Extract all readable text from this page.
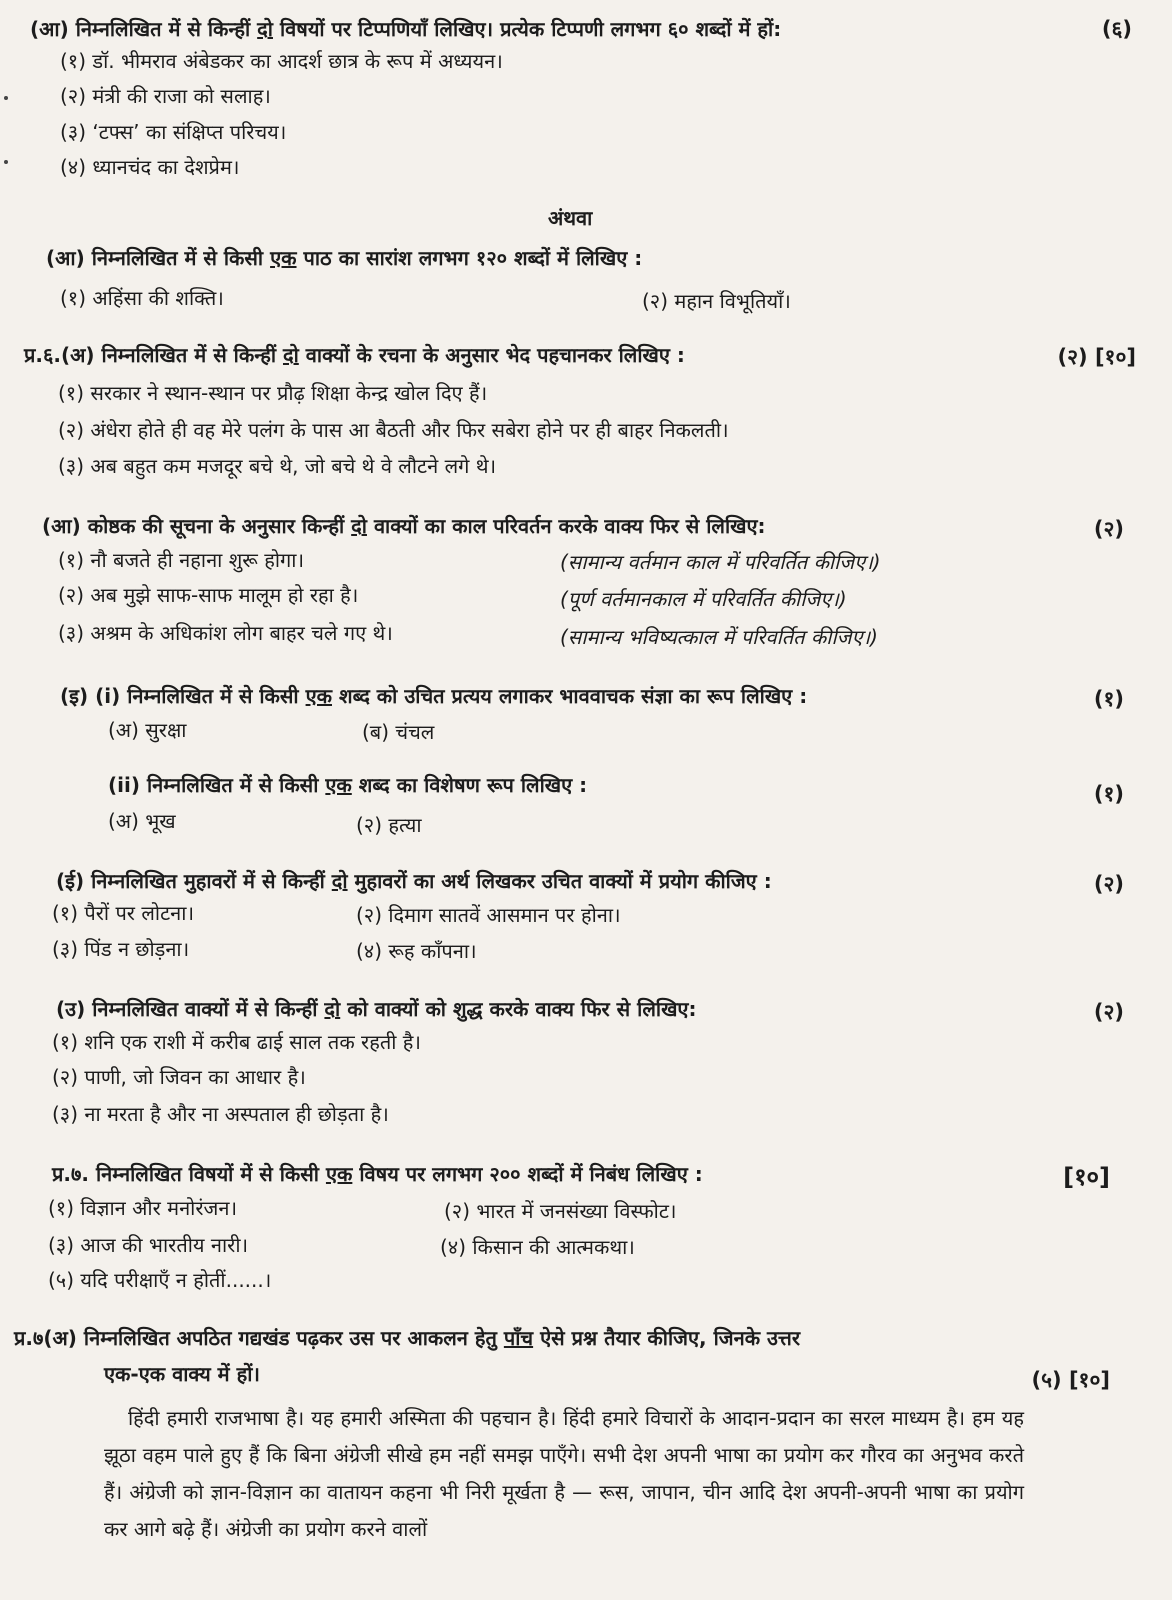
(आ) निम्नलिखित में से किन्हीं दो विषयों पर टिप्पणियाँ लिखिए। प्रत्येक टिप्पणी लगभग ६० शब्दों में हों:	(६)
(१) डॉ. भीमराव अंबेडकर का आदर्श छात्र के रूप में अध्ययन।
(२) मंत्री की राजा को सलाह।
(३) ‘टफ्स’ का संक्षिप्त परिचय।
(४) ध्यानचंद का देशप्रेम।
अंथवा
(आ) निम्नलिखित में से किसी एक पाठ का सारांश लगभग १२० शब्दों में लिखिए :
(१) अहिंसा की शक्ति।	(२) महान विभूतियाँ।
प्र.६.(अ) निम्नलिखित में से किन्हीं दो वाक्यों के रचना के अनुसार भेद पहचानकर लिखिए :	(२) [१०]
(१) सरकार ने स्थान-स्थान पर प्रौढ़ शिक्षा केन्द्र खोल दिए हैं।
(२) अंधेरा होते ही वह मेरे पलंग के पास आ बैठती और फिर सबेरा होने पर ही बाहर निकलती।
(३) अब बहुत कम मजदूर बचे थे, जो बचे थे वे लौटने लगे थे।
(आ) कोष्ठक की सूचना के अनुसार किन्हीं दो वाक्यों का काल परिवर्तन करके वाक्य फिर से लिखिए:	(२)
(१) नौ बजते ही नहाना शुरू होगा।	(सामान्य वर्तमान काल में परिवर्तित कीजिए।)
(२) अब मुझे साफ-साफ मालूम हो रहा है।	(पूर्ण वर्तमानकाल में परिवर्तित कीजिए।)
(३) अश्रम के अधिकांश लोग बाहर चले गए थे।	(सामान्य भविष्यत्काल में परिवर्तित कीजिए।)
(इ) (i) निम्नलिखित में से किसी एक शब्द को उचित प्रत्यय लगाकर भाववाचक संज्ञा का रूप लिखिए :	(१)
(अ) सुरक्षा	(ब) चंचल
(ii) निम्नलिखित में से किसी एक शब्द का विशेषण रूप लिखिए :	(१)
(अ) भूख	(२) हत्या
(ई) निम्नलिखित मुहावरों में से किन्हीं दो मुहावरों का अर्थ लिखकर उचित वाक्यों में प्रयोग कीजिए :	(२)
(१) पैरों पर लोटना।	(२) दिमाग सातवें आसमान पर होना।
(३) पिंड न छोड़ना।	(४) रूह काँपना।
(उ) निम्नलिखित वाक्यों में से किन्हीं दो को वाक्यों को शुद्ध करके वाक्य फिर से लिखिए:	(२)
(१) शनि एक राशी में करीब ढाई साल तक रहती है।
(२) पाणी, जो जिवन का आधार है।
(३) ना मरता है और ना अस्पताल ही छोड़ता है।
प्र.७. निम्नलिखित विषयों में से किसी एक विषय पर लगभग २०० शब्दों में निबंध लिखिए :	[१०]
(१) विज्ञान और मनोरंजन।	(२) भारत में जनसंख्या विस्फोट।
(३) आज की भारतीय नारी।	(४) किसान की आत्मकथा।
(५) यदि परीक्षाएँ न होतीं......।
प्र.७(अ) निम्नलिखित अपठित गद्यखंड पढ़कर उस पर आकलन हेतु पाँच ऐसे प्रश्न तैयार कीजिए, जिनके उत्तर
एक-एक वाक्य में हों।	(५) [१०]
हिंदी हमारी राजभाषा है। यह हमारी अस्मिता की पहचान है। हिंदी हमारे विचारों के आदान-प्रदान का सरल माध्यम है। हम यह झूठा वहम पाले हुए हैं कि बिना अंग्रेजी सीखे हम नहीं समझ पाएँगे। सभी देश अपनी भाषा का प्रयोग कर गौरव का अनुभव करते हैं। अंग्रेजी को ज्ञान-विज्ञान का वातायन कहना भी निरी मूर्खता है — रूस, जापान, चीन आदि देश अपनी-अपनी भाषा का प्रयोग कर आगे बढ़े हैं। अंग्रेजी का प्रयोग करने वालों
